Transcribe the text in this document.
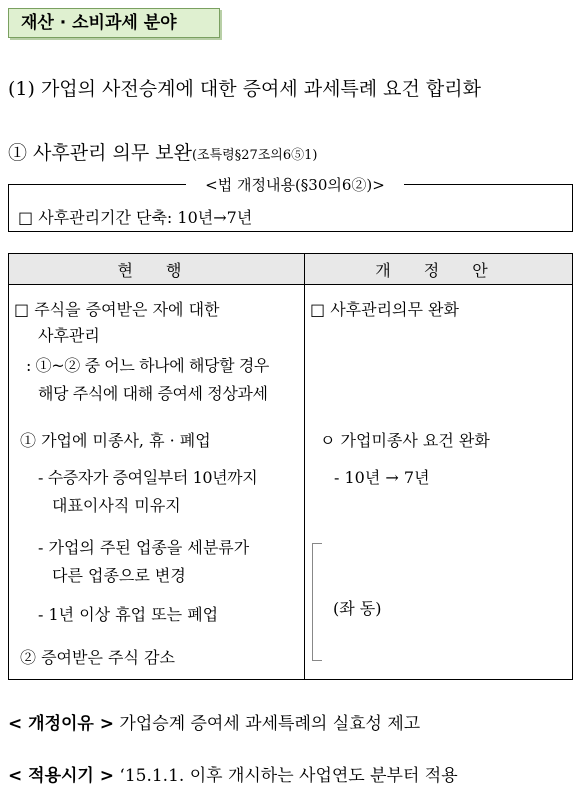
재산 · 소비과세 분야
(1) 가업의 사전승계에 대한 증여세 과세특례 요건 합리화
① 사후관리 의무 보완(조특령§27조의6⑤1)
<법 개정내용(§30의6②)>
□ 사후관리기간 단축: 10년→7년
현 행	개 정 안
□ 주식을 증여받은 자에 대한
사후관리
: ①~② 중 어느 하나에 해당할 경우
해당 주식에 대해 증여세 정상과세
① 가업에 미종사, 휴 · 폐업
- 수증자가 증여일부터 10년까지
대표이사직 미유지
- 가업의 주된 업종을 세분류가
다른 업종으로 변경
- 1년 이상 휴업 또는 폐업
② 증여받은 주식 감소
□ 사후관리의무 완화
ㅇ 가업미종사 요건 완화
- 10년 → 7년
(좌 동)
< 개정이유 > 가업승계 증여세 과세특례의 실효성 제고
< 적용시기 > ‘15.1.1. 이후 개시하는 사업연도 분부터 적용
